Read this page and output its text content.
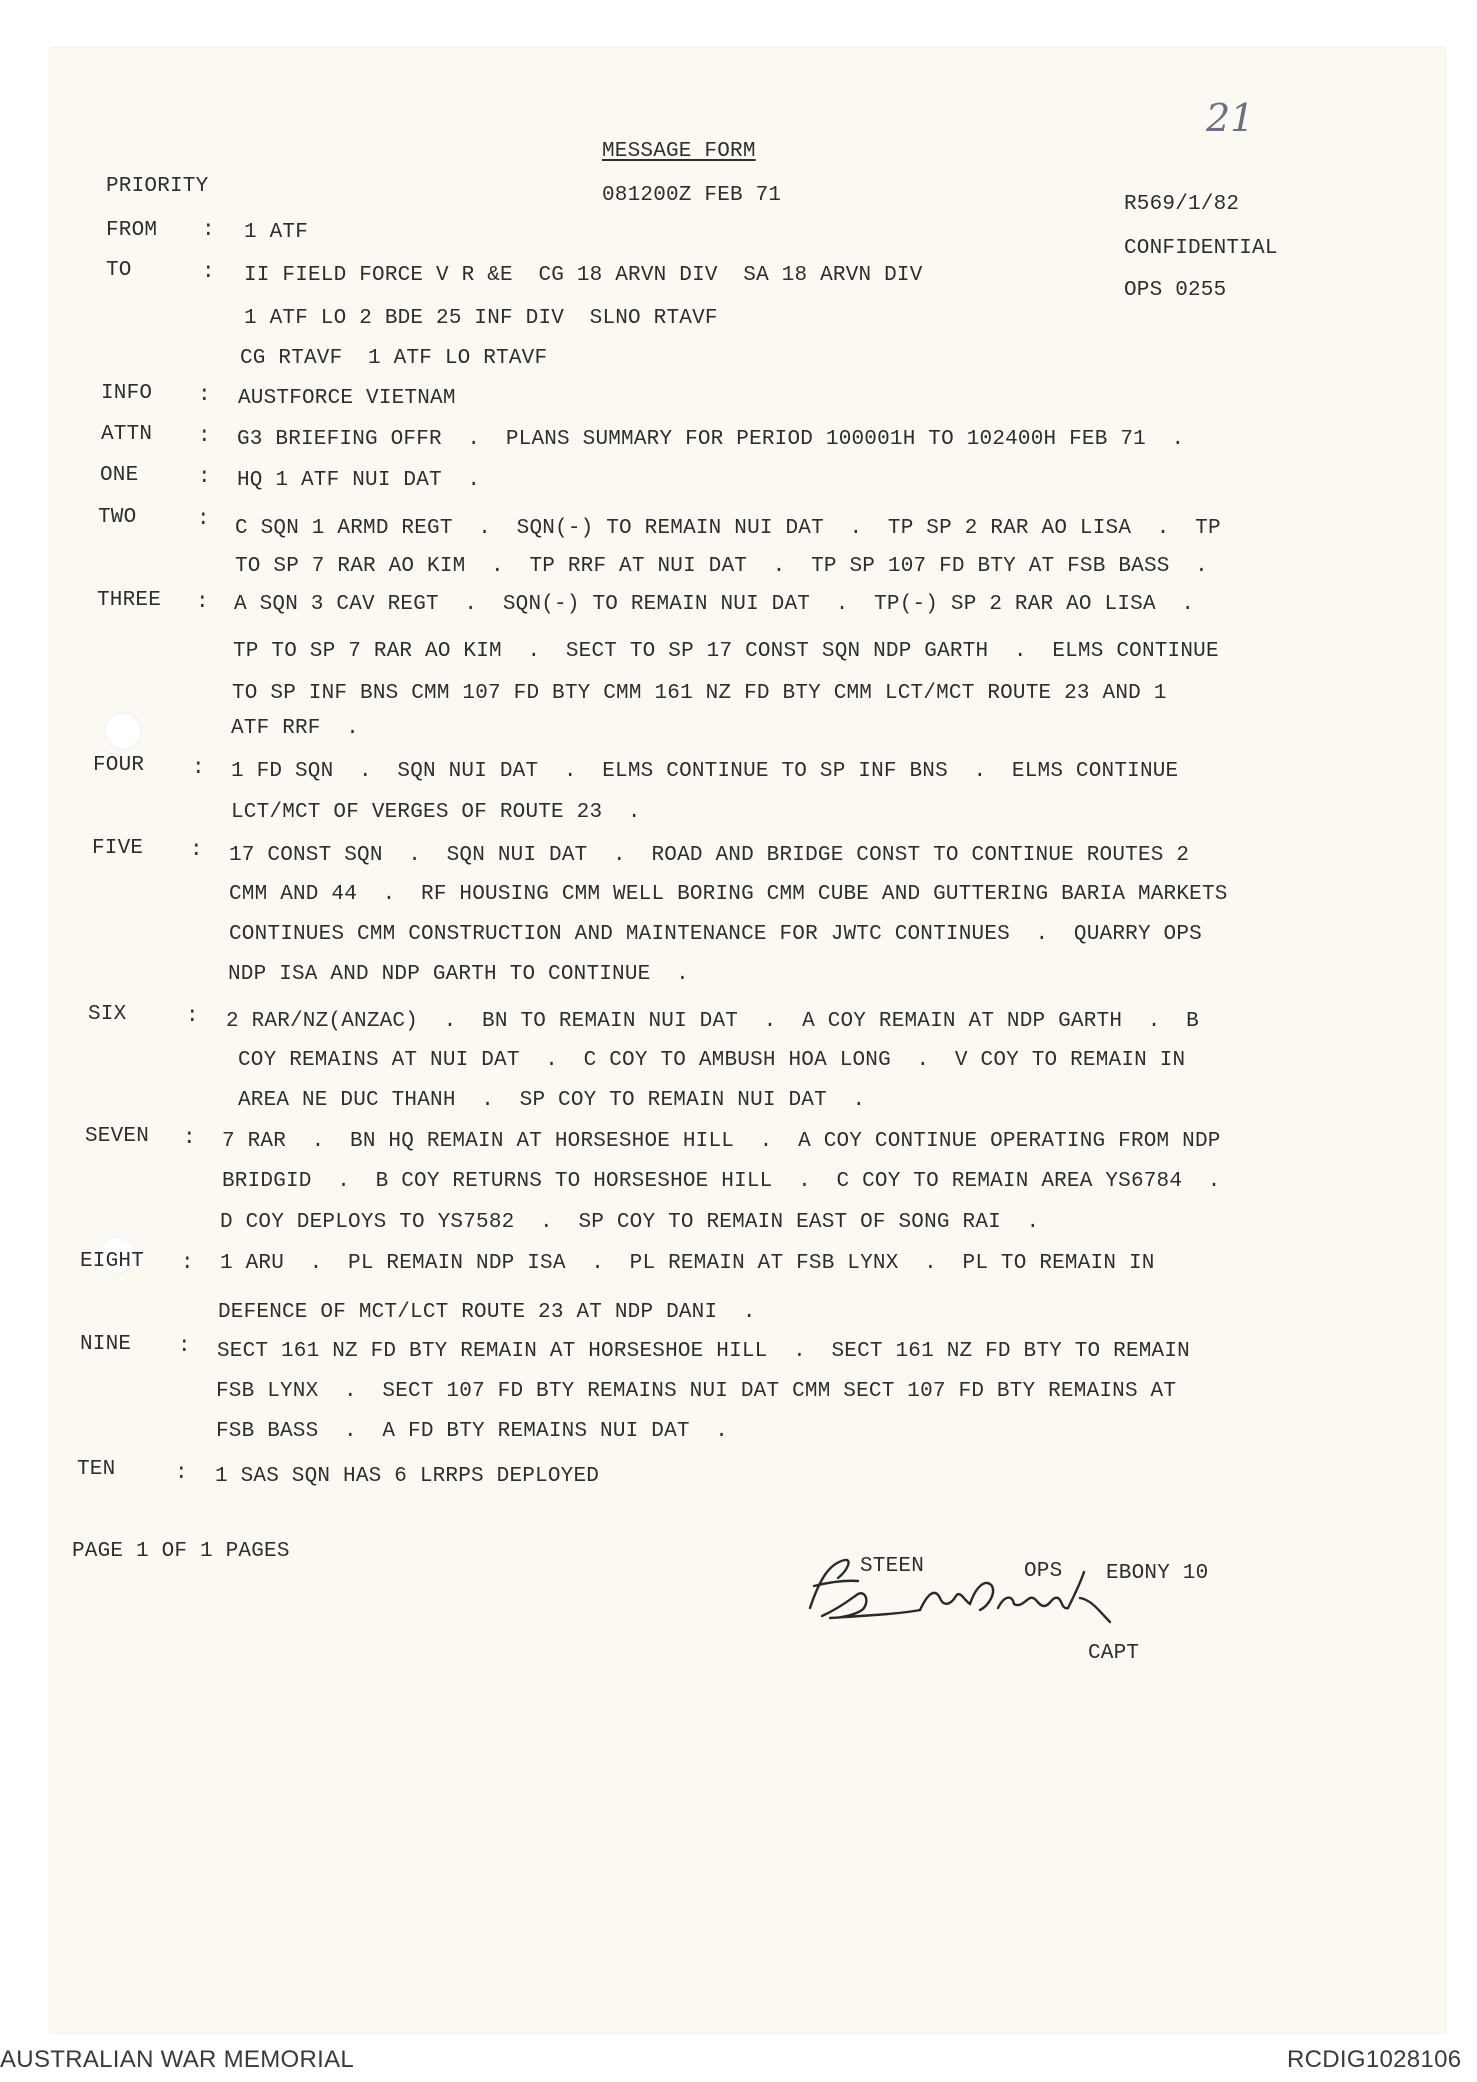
21
MESSAGE FORM
PRIORITY	081200Z FEB 71	R569/1/82
CONFIDENTIAL
OPS 0255
FROM : 1 ATF
TO	: II FIELD FORCE V R &E  CG 18 ARVN DIV  SA 18 ARVN DIV
1 ATF LO 2 BDE 25 INF DIV  SLNO RTAVF
CG RTAVF  1 ATF LO RTAVF
INFO : AUSTFORCE VIETNAM
ATTN : G3 BRIEFING OFFR  .  PLANS SUMMARY FOR PERIOD 100001H TO 102400H FEB 71  .
ONE	: HQ 1 ATF NUI DAT  .
TWO	: C SQN 1 ARMD REGT  .  SQN(-) TO REMAIN NUI DAT  .  TP SP 2 RAR AO LISA  .  TP
TO SP 7 RAR AO KIM  .  TP RRF AT NUI DAT  .  TP SP 107 FD BTY AT FSB BASS  .
THREE : A SQN 3 CAV REGT  .  SQN(-) TO REMAIN NUI DAT  .  TP(-) SP 2 RAR AO LISA  .
TP TO SP 7 RAR AO KIM  .  SECT TO SP 17 CONST SQN NDP GARTH  .  ELMS CONTINUE
TO SP INF BNS CMM 107 FD BTY CMM 161 NZ FD BTY CMM LCT/MCT ROUTE 23 AND 1
ATF RRF  .
FOUR : 1 FD SQN  .  SQN NUI DAT  .  ELMS CONTINUE TO SP INF BNS  .  ELMS CONTINUE
LCT/MCT OF VERGES OF ROUTE 23  .
FIVE : 17 CONST SQN  .  SQN NUI DAT  .  ROAD AND BRIDGE CONST TO CONTINUE ROUTES 2
CMM AND 44  .  RF HOUSING CMM WELL BORING CMM CUBE AND GUTTERING BARIA MARKETS
CONTINUES CMM CONSTRUCTION AND MAINTENANCE FOR JWTC CONTINUES  .  QUARRY OPS
NDP ISA AND NDP GARTH TO CONTINUE  .
SIX	: 2 RAR/NZ(ANZAC)  .  BN TO REMAIN NUI DAT  .  A COY REMAIN AT NDP GARTH  .  B
COY REMAINS AT NUI DAT  .  C COY TO AMBUSH HOA LONG  .  V COY TO REMAIN IN
AREA NE DUC THANH  .  SP COY TO REMAIN NUI DAT  .
SEVEN : 7 RAR  .  BN HQ REMAIN AT HORSESHOE HILL  .  A COY CONTINUE OPERATING FROM NDP
BRIDGID  .  B COY RETURNS TO HORSESHOE HILL  .  C COY TO REMAIN AREA YS6784  .
D COY DEPLOYS TO YS7582  .  SP COY TO REMAIN EAST OF SONG RAI  .
EIGHT : 1 ARU  .  PL REMAIN NDP ISA  .  PL REMAIN AT FSB LYNX  .  PL TO REMAIN IN
DEFENCE OF MCT/LCT ROUTE 23 AT NDP DANI  .
NINE : SECT 161 NZ FD BTY REMAIN AT HORSESHOE HILL  .  SECT 161 NZ FD BTY TO REMAIN
FSB LYNX  .  SECT 107 FD BTY REMAINS NUI DAT CMM SECT 107 FD BTY REMAINS AT
FSB BASS  .  A FD BTY REMAINS NUI DAT  .
TEN	: 1 SAS SQN HAS 6 LRRPS DEPLOYED
PAGE 1 OF 1 PAGES
STEEN	OPS EBONY 10
CAPT
AUSTRALIAN WAR MEMORIAL	RCDIG1028106
